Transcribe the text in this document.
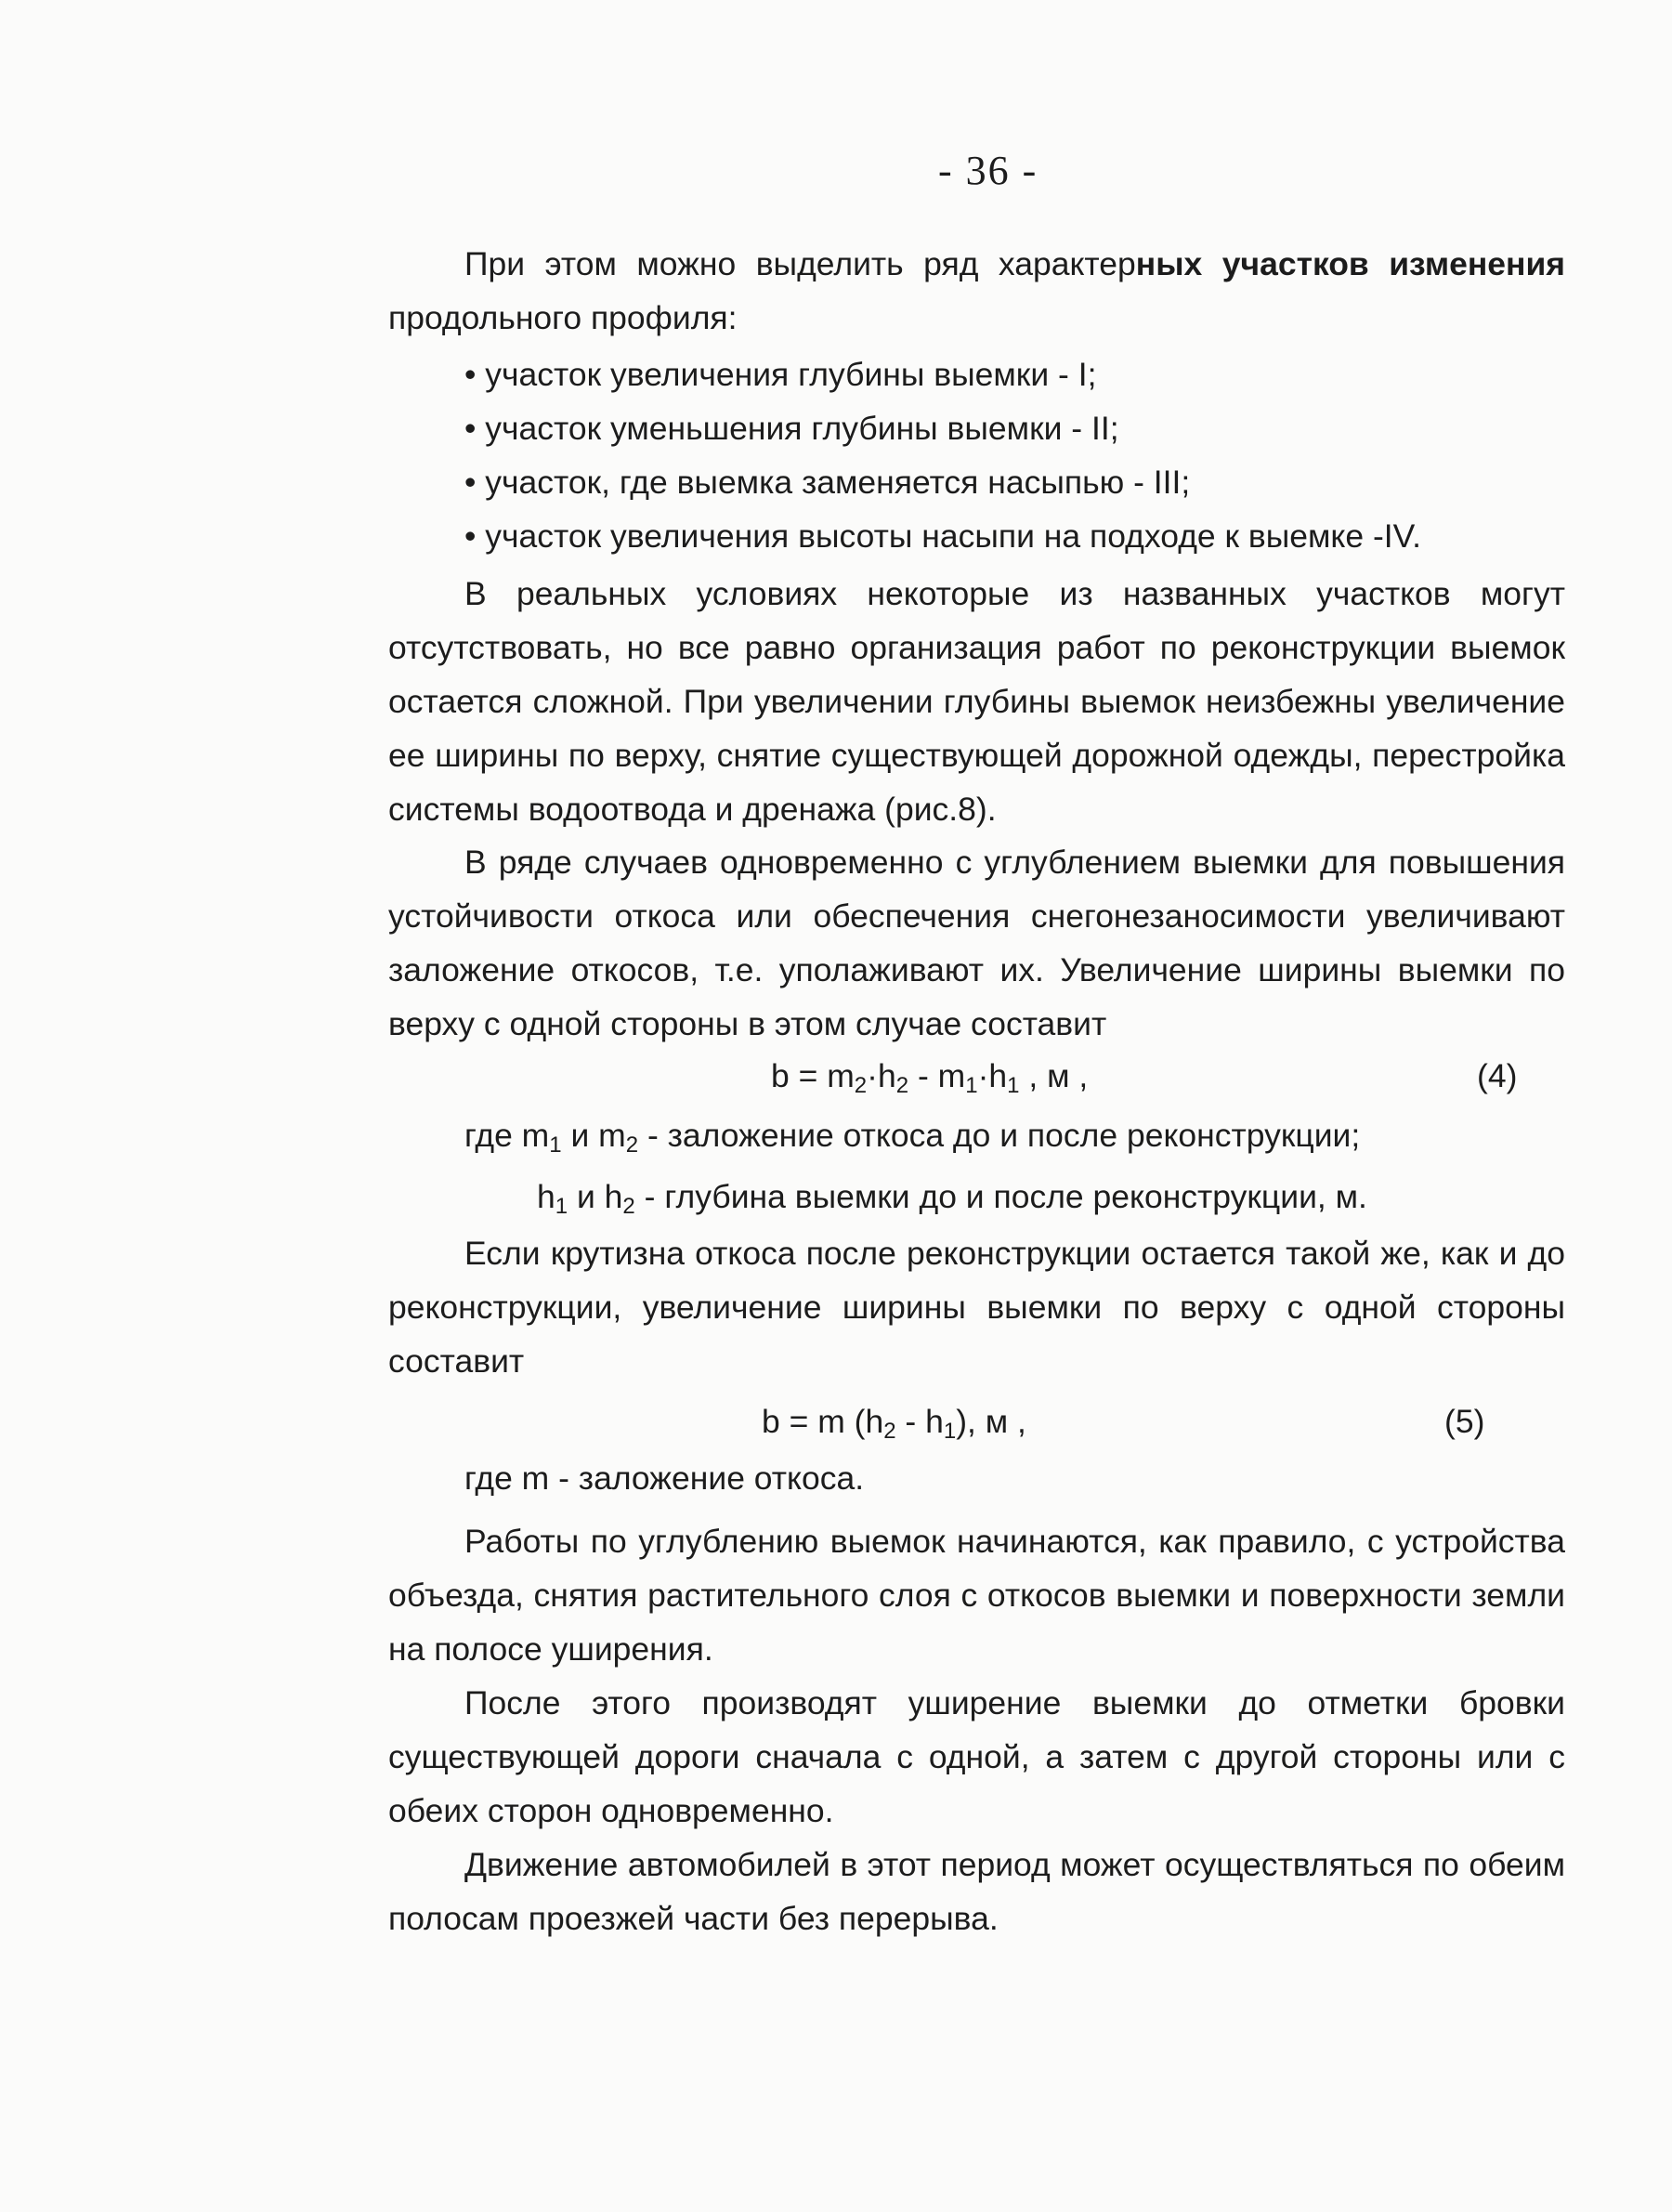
- 36 -
При этом можно выделить ряд характерных участков изменения продольного профиля:
• участок увеличения глубины выемки - I;
• участок уменьшения глубины выемки - II;
• участок, где выемка заменяется насыпью - III;
• участок увеличения высоты насыпи на подходе к выемке -IV.
В реальных условиях некоторые из названных участков могут отсутствовать, но все равно организация работ по реконструкции выемок остается сложной. При увеличении глубины выемок неизбежны увеличение ее ширины по верху, снятие существующей дорожной одежды, перестройка системы водоотвода и дренажа (рис.8).
В ряде случаев одновременно с углублением выемки для повышения устойчивости откоса или обеспечения снегонезаносимости увеличивают заложение откосов, т.е. уполаживают их. Увеличение ширины выемки по верху с одной стороны в этом случае составит
$b = m_2\cdot h_2 - m_1\cdot h_1$ , м ,	(4)
где $m_1$ и $m_2$ - заложение откоса до и после реконструкции;
$h_1$ и $h_2$ - глубина выемки до и после реконструкции, м.
Если крутизна откоса после реконструкции остается такой же, как и до реконструкции, увеличение ширины выемки по верху с одной стороны составит
b = m $(h_2 - h_1)$, м ,	(5)
где m - заложение откоса.
Работы по углублению выемок начинаются, как правило, с устройства объезда, снятия растительного слоя с откосов выемки и поверхности земли на полосе уширения.
После этого производят уширение выемки до отметки бровки существующей дороги сначала с одной, а затем с другой стороны или с обеих сторон одновременно.
Движение автомобилей в этот период может осуществляться по обеим полосам проезжей части без перерыва.
